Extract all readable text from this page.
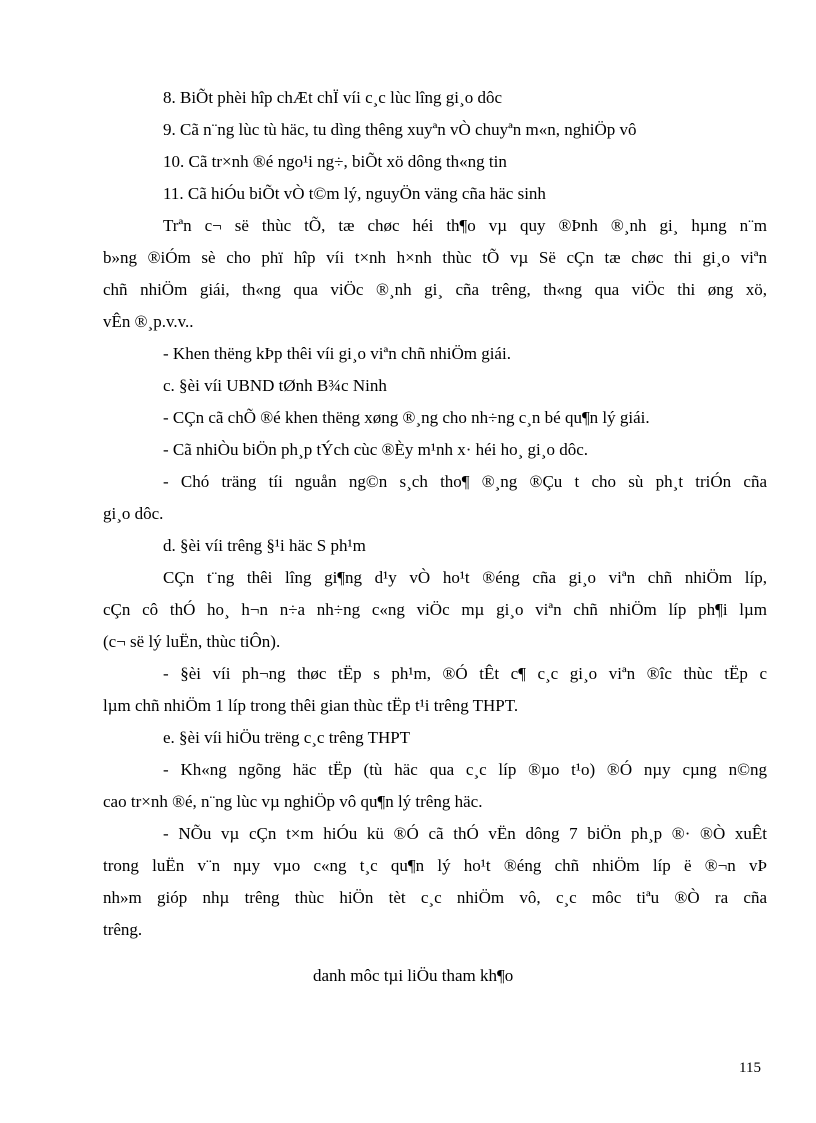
8. BiÕt phèi hîp chÆt chÏ víi c¸c lùc lîng gi¸o dôc
9. Cã n¨ng lùc tù häc, tu dìng thêng xuyªn vÒ chuyªn m«n, nghiÖp vô
10. Cã tr×nh ®é ngo¹i ng÷, biÕt xö dông th«ng tin
11. Cã hiÓu biÕt vÒ t©m lý, nguyÖn väng cña häc sinh
Trªn c¬ së thùc tÕ, tæ chøc héi th¶o vµ quy ®Þnh ®¸nh gi¸ hµng n¨m
b»ng ®iÓm sè cho phï hîp víi t×nh h×nh thùc tÕ vµ Së cÇn tæ chøc thi gi¸o viªn
chñ nhiÖm giái, th«ng qua viÖc ®¸nh gi¸ cña trêng, th«ng qua viÖc thi øng xö,
vÊn ®¸p.v.v..
- Khen thëng kÞp thêi víi gi¸o viªn chñ nhiÖm giái.
c. §èi víi UBND tØnh B¾c Ninh
- CÇn cã chÕ ®é khen thëng xøng ®¸ng cho nh÷ng c¸n bé qu¶n lý giái.
- Cã nhiÒu biÖn ph¸p tÝch cùc ®Èy m¹nh x· héi ho¸ gi¸o dôc.
- Chó träng tíi nguån ng©n s¸ch tho¶ ®¸ng ®Çu t cho sù ph¸t triÓn cña
gi¸o dôc.
d. §èi víi trêng §¹i häc S ph¹m
CÇn t¨ng thêi lîng gi¶ng d¹y vÒ ho¹t ®éng cña gi¸o viªn chñ nhiÖm líp,
cÇn cô thÓ ho¸ h¬n n÷a nh÷ng c«ng viÖc mµ gi¸o viªn chñ nhiÖm líp ph¶i lµm
(c¬ së lý luËn, thùc tiÔn).
- §èi víi ph¬ng thøc tËp s ph¹m, ®Ó tÊt c¶ c¸c gi¸o viªn ®îc thùc tËp c
lµm chñ nhiÖm 1 líp trong thêi gian thùc tËp t¹i trêng THPT.
e. §èi víi hiÖu trëng c¸c trêng THPT
- Kh«ng ngõng häc tËp (tù häc qua c¸c líp ®µo t¹o) ®Ó nµy cµng n©ng
cao tr×nh ®é, n¨ng lùc vµ nghiÖp vô qu¶n lý trêng häc.
- NÕu vµ cÇn t×m hiÓu kü ®Ó cã thÓ vËn dông 7 biÖn ph¸p ®· ®Ò xuÊt
trong luËn v¨n nµy vµo c«ng t¸c qu¶n lý ho¹t ®éng chñ nhiÖm líp ë ®¬n vÞ
nh»m gióp nhµ trêng thùc hiÖn tèt c¸c nhiÖm vô, c¸c môc tiªu ®Ò ra cña
trêng.
danh môc tµi liÖu tham kh¶o
115
